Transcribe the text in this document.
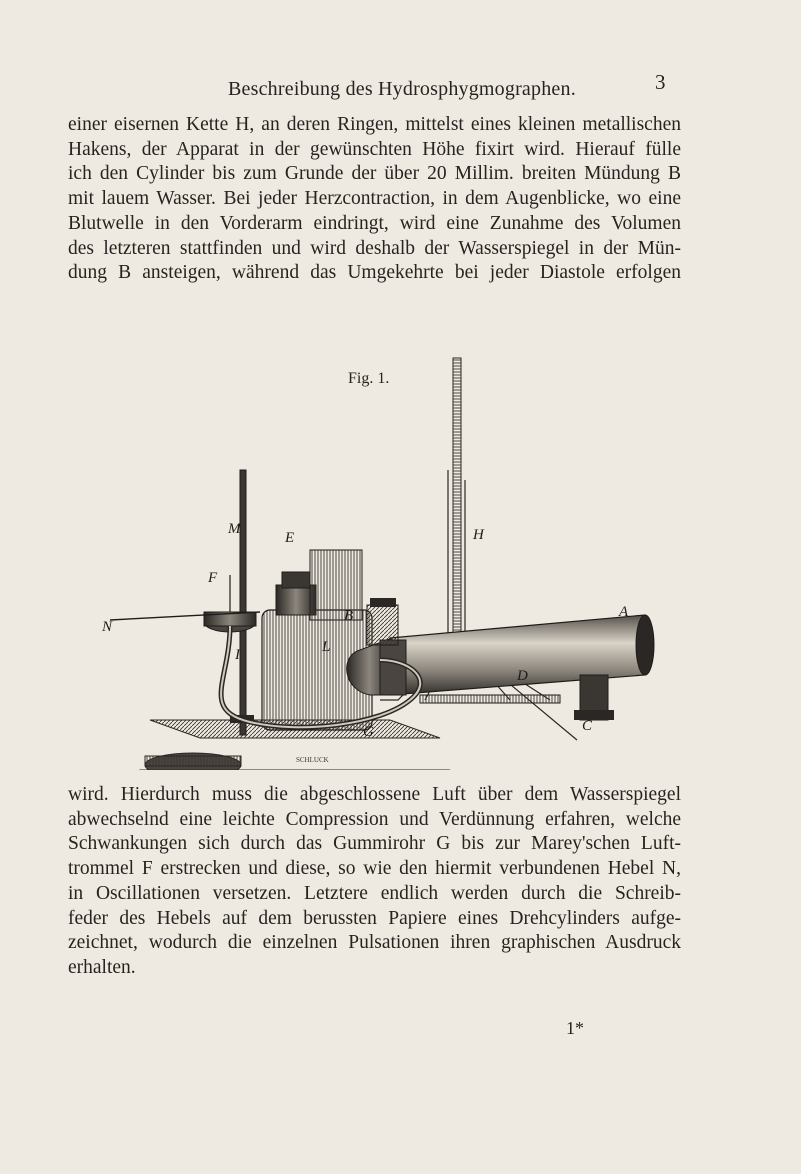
Beschreibung des Hydrosphygmographen.	3
einer eisernen Kette H, an deren Ringen, mittelst eines kleinen metallischen
Hakens, der Apparat in der gewünschten Höhe fixirt wird. Hierauf fülle
ich den Cylinder bis zum Grunde der über 20 Millim. breiten Mündung B
mit lauem Wasser. Bei jeder Herzcontraction, in dem Augenblicke, wo eine
Blutwelle in den Vorderarm eindringt, wird eine Zunahme des Volumen
des letzteren stattfinden und wird deshalb der Wasserspiegel in der Mün-
dung B ansteigen, während das Umgekehrte bei jeder Diastole erfolgen
Fig. 1.
M
E
F
N
I	L
B
H
A
D
C
G
SCHLUCK
wird. Hierdurch muss die abgeschlossene Luft über dem Wasserspiegel
abwechselnd eine leichte Compression und Verdünnung erfahren, welche
Schwankungen sich durch das Gummirohr G bis zur Marey'schen Luft-
trommel F erstrecken und diese, so wie den hiermit verbundenen Hebel N,
in Oscillationen versetzen. Letztere endlich werden durch die Schreib-
feder des Hebels auf dem berussten Papiere eines Drehcylinders aufge-
zeichnet, wodurch die einzelnen Pulsationen ihren graphischen Ausdruck
erhalten.
1*
